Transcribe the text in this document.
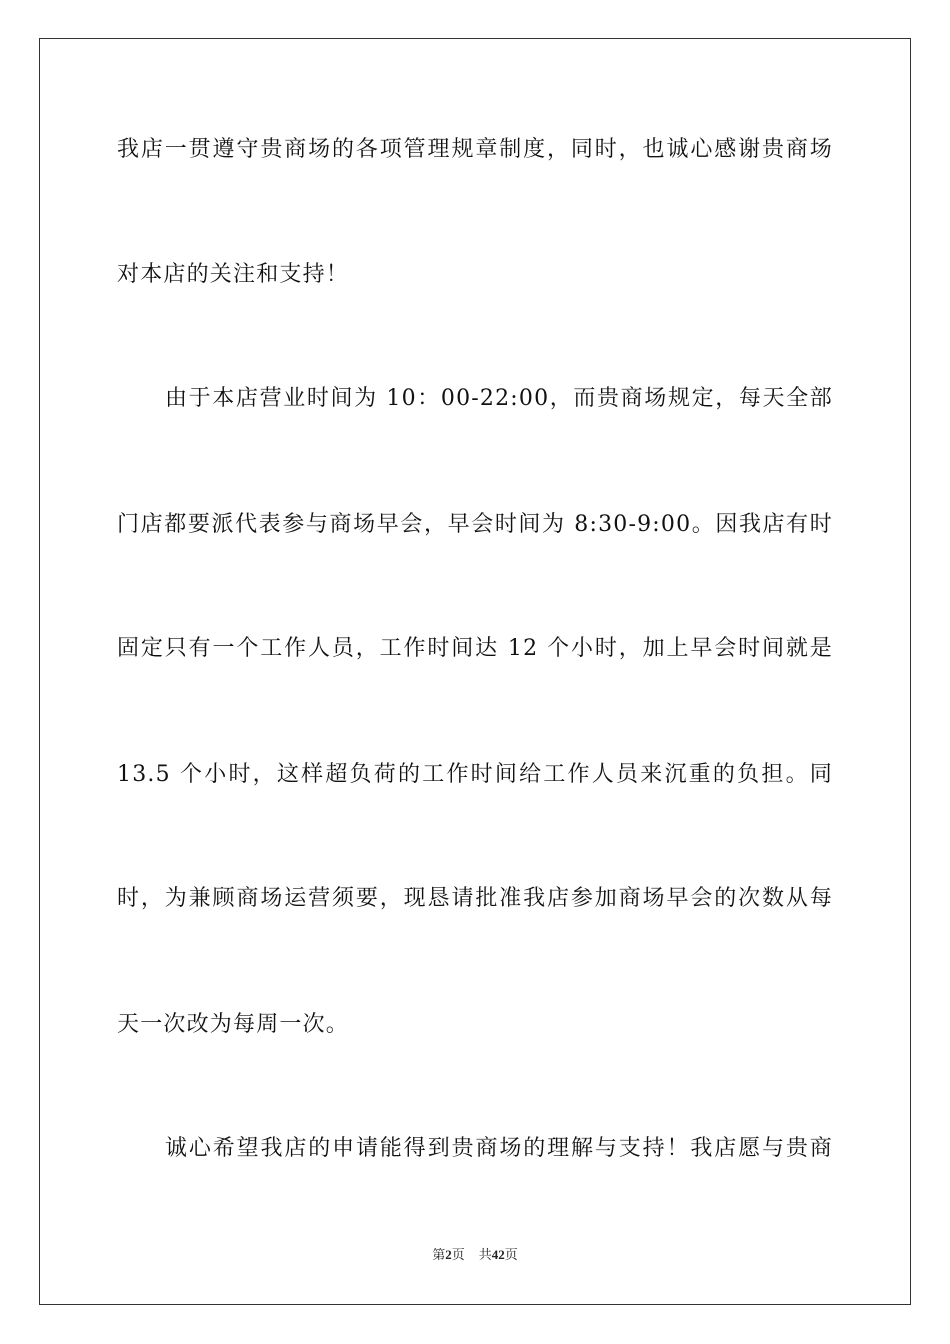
我店一贯遵守贵商场的各项管理规章制度，同时，也诚心感谢贵商场
对本店的关注和支持！
由于本店营业时间为 10：00-22:00，而贵商场规定，每天全部
门店都要派代表参与商场早会，早会时间为 8:30-9:00。因我店有时
固定只有一个工作人员，工作时间达 12 个小时，加上早会时间就是
13.5 个小时，这样超负荷的工作时间给工作人员来沉重的负担。同
时，为兼顾商场运营须要，现恳请批准我店参加商场早会的次数从每
天一次改为每周一次。
诚心希望我店的申请能得到贵商场的理解与支持！我店愿与贵商
第2页 共42页
